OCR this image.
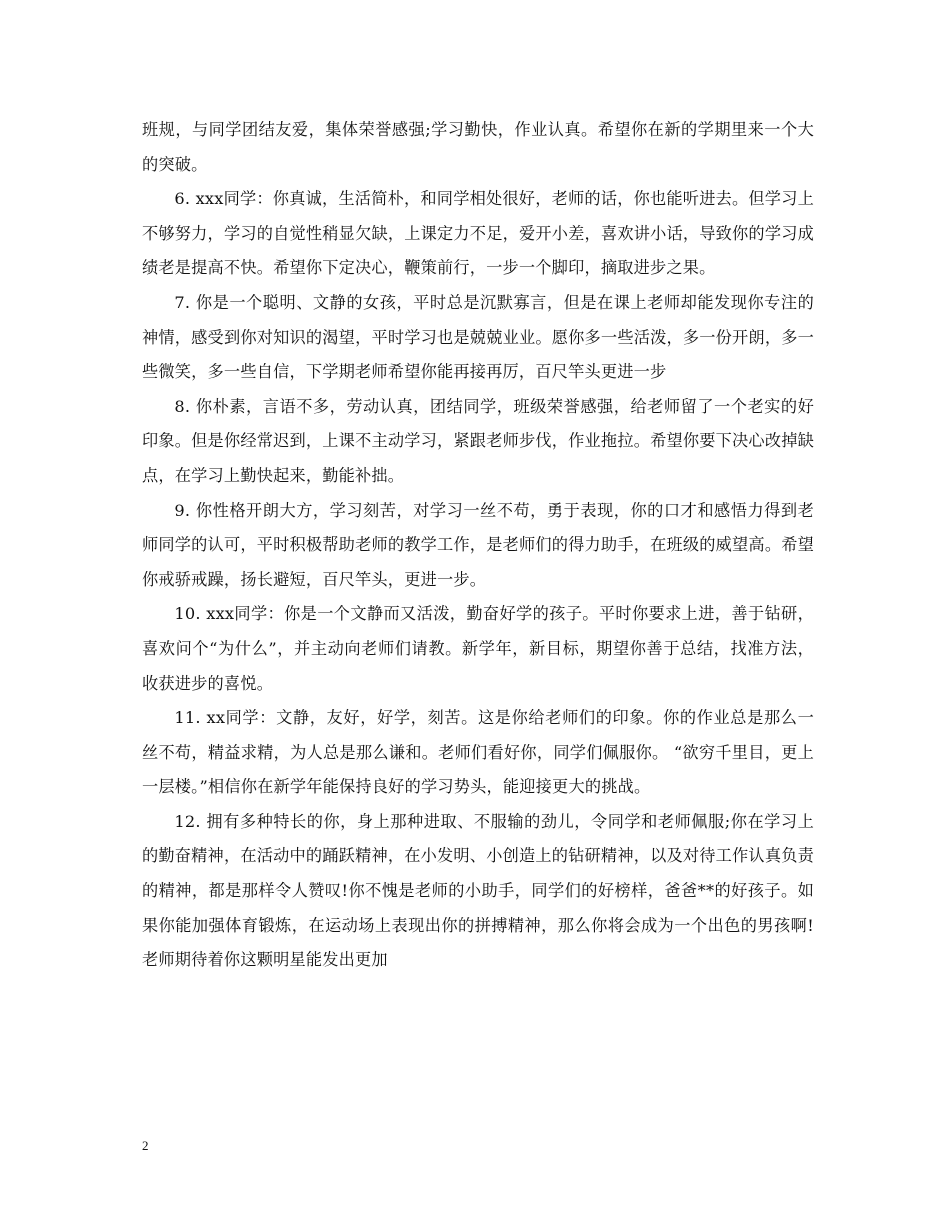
班规，与同学团结友爱，集体荣誉感强;学习勤快，作业认真。希望你在新的学期里来一个大的突破。

6. xxx同学：你真诚，生活简朴，和同学相处很好，老师的话，你也能听进去。但学习上不够努力，学习的自觉性稍显欠缺，上课定力不足，爱开小差，喜欢讲小话，导致你的学习成绩老是提高不快。希望你下定决心，鞭策前行，一步一个脚印，摘取进步之果。

7. 你是一个聪明、文静的女孩，平时总是沉默寡言，但是在课上老师却能发现你专注的神情，感受到你对知识的渴望，平时学习也是兢兢业业。愿你多一些活泼，多一份开朗，多一些微笑，多一些自信，下学期老师希望你能再接再厉，百尺竿头更进一步

8. 你朴素，言语不多，劳动认真，团结同学，班级荣誉感强，给老师留了一个老实的好印象。但是你经常迟到，上课不主动学习，紧跟老师步伐，作业拖拉。希望你要下决心改掉缺点，在学习上勤快起来，勤能补拙。

9. 你性格开朗大方，学习刻苦，对学习一丝不苟，勇于表现，你的口才和感悟力得到老师同学的认可，平时积极帮助老师的教学工作，是老师们的得力助手，在班级的威望高。希望你戒骄戒躁，扬长避短，百尺竿头，更进一步。

10. xxx同学：你是一个文静而又活泼，勤奋好学的孩子。平时你要求上进，善于钻研，喜欢问个“为什么”，并主动向老师们请教。新学年，新目标，期望你善于总结，找准方法，收获进步的喜悦。

11. xx同学：文静，友好，好学，刻苦。这是你给老师们的印象。你的作业总是那么一丝不苟，精益求精，为人总是那么谦和。老师们看好你，同学们佩服你。 “欲穷千里目，更上一层楼。”相信你在新学年能保持良好的学习势头，能迎接更大的挑战。

12. 拥有多种特长的你，身上那种进取、不服输的劲儿，令同学和老师佩服;你在学习上的勤奋精神，在活动中的踊跃精神，在小发明、小创造上的钻研精神，以及对待工作认真负责的精神，都是那样令人赞叹!你不愧是老师的小助手，同学们的好榜样，爸爸**的好孩子。如果你能加强体育锻炼，在运动场上表现出你的拼搏精神，那么你将会成为一个出色的男孩啊!老师期待着你这颗明星能发出更加

2
